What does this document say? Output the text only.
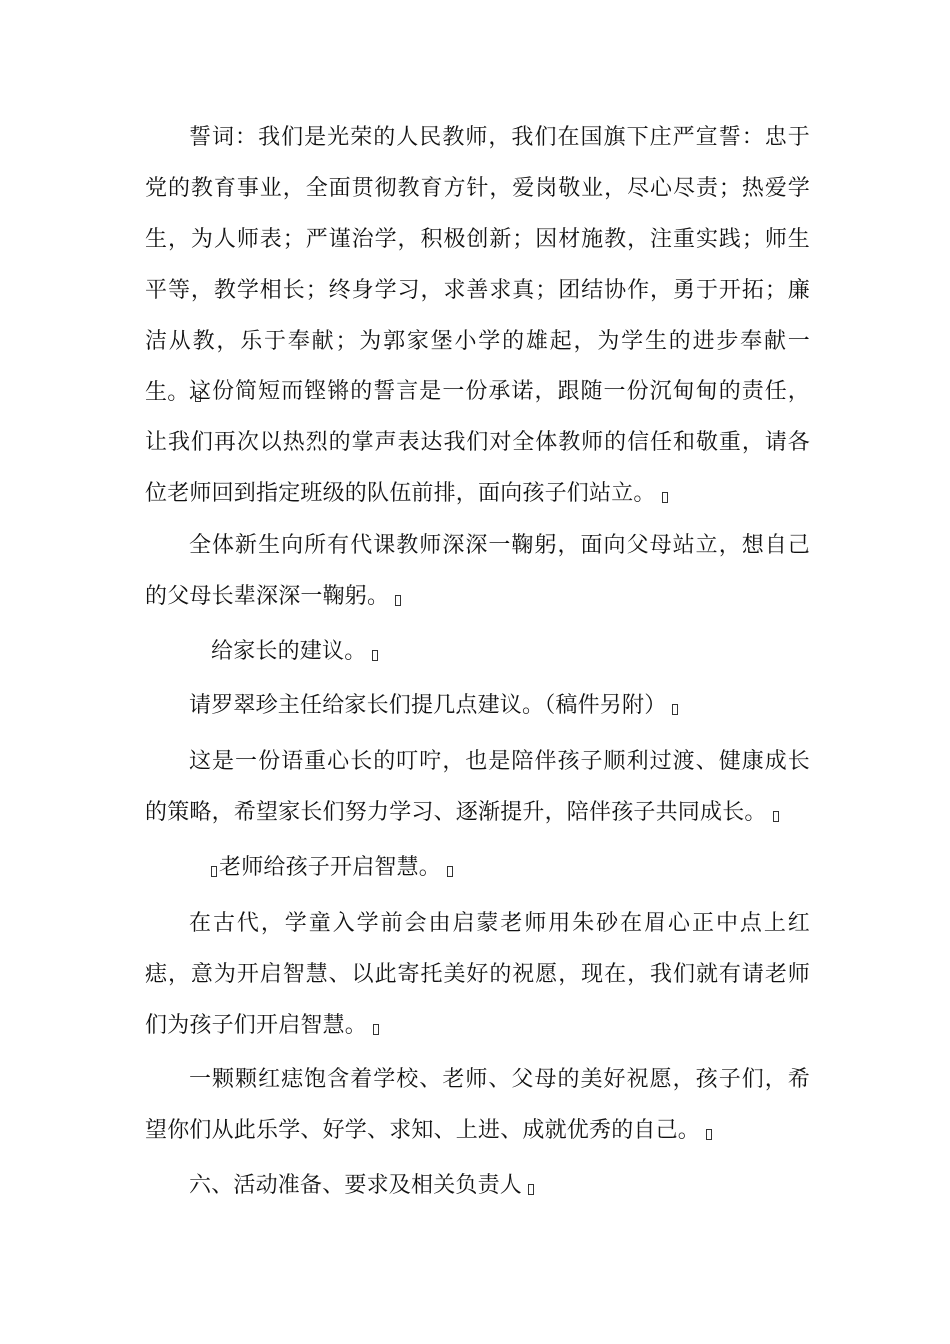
誓词：我们是光荣的人民教师，我们在国旗下庄严宣誓：忠于党的教育事业，全面贯彻教育方针，爱岗敬业，尽心尽责；热爱学生，为人师表；严谨治学，积极创新；因材施教，注重实践；师生平等，教学相长；终身学习，求善求真；团结协作，勇于开拓；廉洁从教，乐于奉献；为郭家堡小学的雄起，为学生的进步奉献一生。 这份简短而铿锵的誓言是一份承诺，跟随一份沉甸甸的责任，让我们再次以热烈的掌声表达我们对全体教师的信任和敬重，请各位老师回到指定班级的队伍前排，面向孩子们站立。

全体新生向所有代课教师深深一鞠躬，面向父母站立，想自己的父母长辈深深一鞠躬。

给家长的建议。

请罗翠珍主任给家长们提几点建议。（稿件另附）

这是一份语重心长的叮咛，也是陪伴孩子顺利过渡、健康成长的策略，希望家长们努力学习、逐渐提升，陪伴孩子共同成长。

老师给孩子开启智慧。

在古代，学童入学前会由启蒙老师用朱砂在眉心正中点上红痣，意为开启智慧、以此寄托美好的祝愿，现在，我们就有请老师们为孩子们开启智慧。

一颗颗红痣饱含着学校、老师、父母的美好祝愿，孩子们，希望你们从此乐学、好学、求知、上进、成就优秀的自己。

六、活动准备、要求及相关负责人
